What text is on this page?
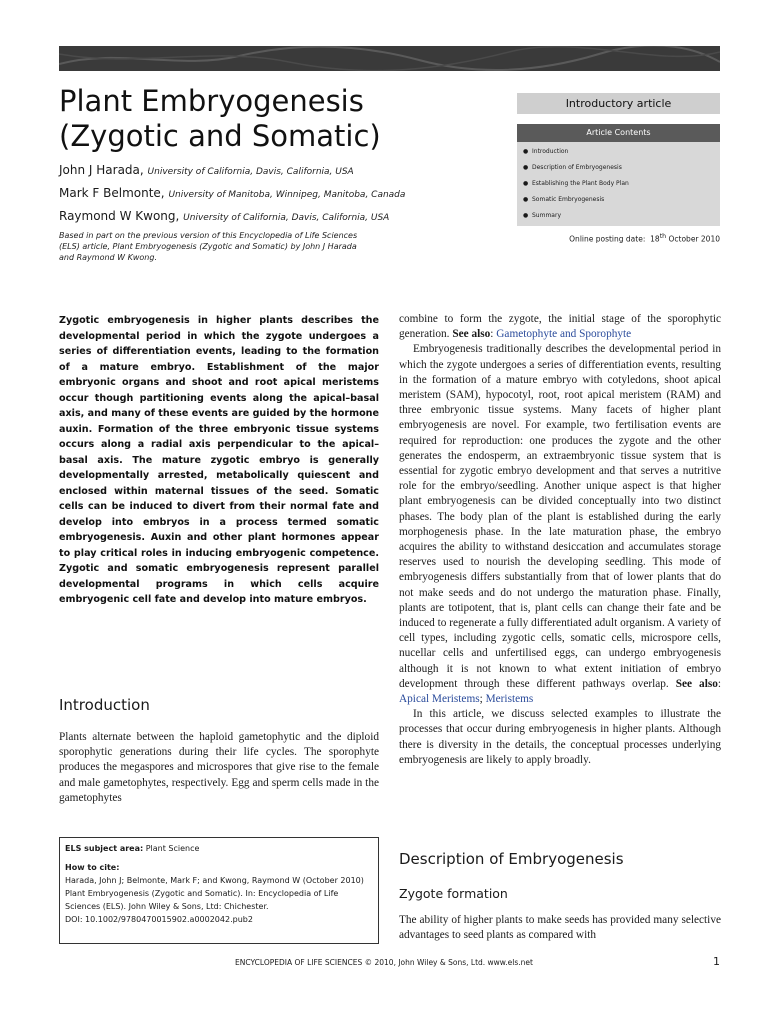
Plant Embryogenesis (Zygotic and Somatic)
John J Harada, University of California, Davis, California, USA
Mark F Belmonte, University of Manitoba, Winnipeg, Manitoba, Canada
Raymond W Kwong, University of California, Davis, California, USA
Based in part on the previous version of this Encyclopedia of Life Sciences (ELS) article, Plant Embryogenesis (Zygotic and Somatic) by John J Harada and Raymond W Kwong.
Introductory article
Article Contents
● Introduction
● Description of Embryogenesis
● Establishing the Plant Body Plan
● Somatic Embryogenesis
● Summary
Online posting date: 18th October 2010

Zygotic embryogenesis in higher plants describes the developmental period in which the zygote undergoes a series of differentiation events, leading to the formation of a mature embryo. Establishment of the major embryonic organs and shoot and root apical meristems occur though partitioning events along the apical–basal axis, and many of these events are guided by the hormone auxin. Formation of the three embryonic tissue systems occurs along a radial axis perpendicular to the apical–basal axis. The mature zygotic embryo is generally developmentally arrested, metabolically quiescent and enclosed within maternal tissues of the seed. Somatic cells can be induced to divert from their normal fate and develop into embryos in a process termed somatic embryogenesis. Auxin and other plant hormones appear to play critical roles in inducing embryogenic competence. Zygotic and somatic embryogenesis represent parallel developmental programs in which cells acquire embryogenic cell fate and develop into mature embryos.

Introduction

Plants alternate between the haploid gametophytic and the diploid sporophytic generations during their life cycles. The sporophyte produces the megaspores and microspores that give rise to the female and male gametophytes, respectively. Egg and sperm cells made in the gametophytes

ELS subject area: Plant Science

How to cite:

Harada, John J; Belmonte, Mark F; and Kwong, Raymond W (October 2010) Plant Embryogenesis (Zygotic and Somatic). In: Encyclopedia of Life Sciences (ELS). John Wiley & Sons, Ltd: Chichester.

DOI: 10.1002/9780470015902.a0002042.pub2

combine to form the zygote, the initial stage of the sporophytic generation. See also: Gametophyte and Sporophyte

Embryogenesis traditionally describes the developmental period in which the zygote undergoes a series of differentiation events, resulting in the formation of a mature embryo with cotyledons, shoot apical meristem (SAM), hypocotyl, root, root apical meristem (RAM) and three embryonic tissue systems. Many facets of higher plant embryogenesis are novel. For example, two fertilisation events are required for reproduction: one produces the zygote and the other generates the endosperm, an extraembryonic tissue system that is essential for zygotic embryo development and that serves a nutritive role for the embryo/seedling. Another unique aspect is that higher plant embryogenesis can be divided conceptually into two distinct phases. The body plan of the plant is established during the early morphogenesis phase. In the late maturation phase, the embryo acquires the ability to withstand desiccation and accumulates storage reserves used to nourish the developing seedling. This mode of embryogenesis differs substantially from that of lower plants that do not make seeds and do not undergo the maturation phase. Finally, plants are totipotent, that is, plant cells can change their fate and be induced to regenerate a fully differentiated adult organism. A variety of cell types, including zygotic cells, somatic cells, microspore cells, nucellar cells and unfertilised eggs, can undergo embryogenesis although it is not known to what extent initiation of embryo development through these different pathways overlap. See also: Apical Meristems; Meristems

In this article, we discuss selected examples to illustrate the processes that occur during embryogenesis in higher plants. Although there is diversity in the details, the conceptual processes underlying embryogenesis are likely to apply broadly.

Description of Embryogenesis
Zygote formation

The ability of higher plants to make seeds has provided many selective advantages to seed plants as compared with

ENCYCLOPEDIA OF LIFE SCIENCES © 2010, John Wiley & Sons, Ltd. www.els.net	1
